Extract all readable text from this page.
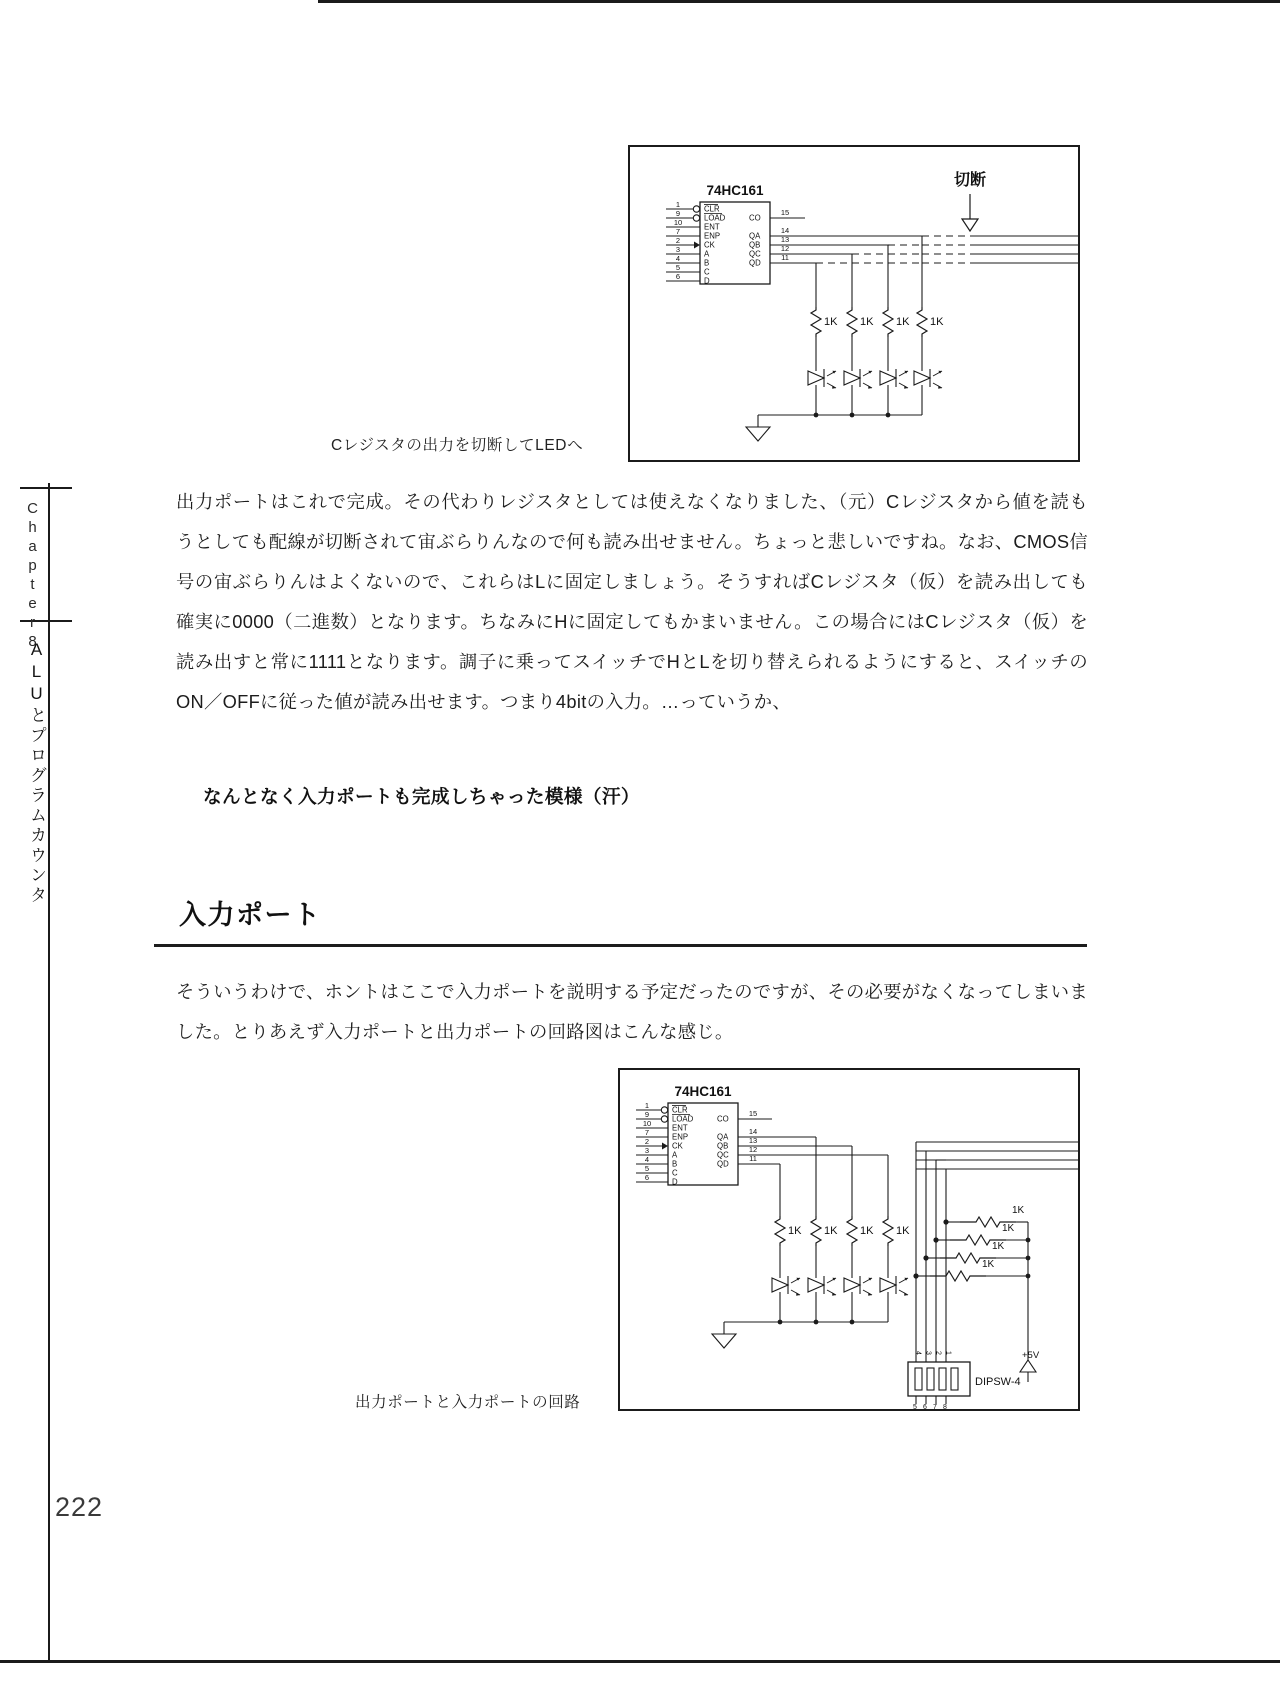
Chapter8
ALUとプログラムカウンタ
222
74HC161
1
9
10
7
2
3
4
5
6
CLR
LOAD
ENT
ENP
CK
A
B
C
D
CO
QA
QB
QC
QD
15
14
13
12
11
1K 1K 1K 1K
切断
Cレジスタの出力を切断してLEDへ
74HC161
1
9
10
7
2
3
4
5
6
CLR
LOAD
ENT
ENP
CK
A
B
C
D
CO
QA
QB
QC
QD
15
14
13
12
11
1K 1K 1K 1K
1K
1K
1K
1K
DIPSW-4
+5V
4 3 2 1
5 6 7 8
出力ポートと入力ポートの回路
出力ポートはこれで完成。その代わりレジスタとしては使えなくなりました、（元）Cレジスタから値を読もうとしても配線が切断されて宙ぶらりんなので何も読み出せません。ちょっと悲しいですね。なお、CMOS信号の宙ぶらりんはよくないので、これらはLに固定しましょう。そうすればCレジスタ（仮）を読み出しても確実に0000（二進数）となります。ちなみにHに固定してもかまいません。この場合にはCレジスタ（仮）を読み出すと常に1111となります。調子に乗ってスイッチでHとLを切り替えられるようにすると、スイッチのON／OFFに従った値が読み出せます。つまり4bitの入力。…っていうか、
なんとなく入力ポートも完成しちゃった模様（汗）
入力ポート
そういうわけで、ホントはここで入力ポートを説明する予定だったのですが、その必要がなくなってしまいました。とりあえず入力ポートと出力ポートの回路図はこんな感じ。
